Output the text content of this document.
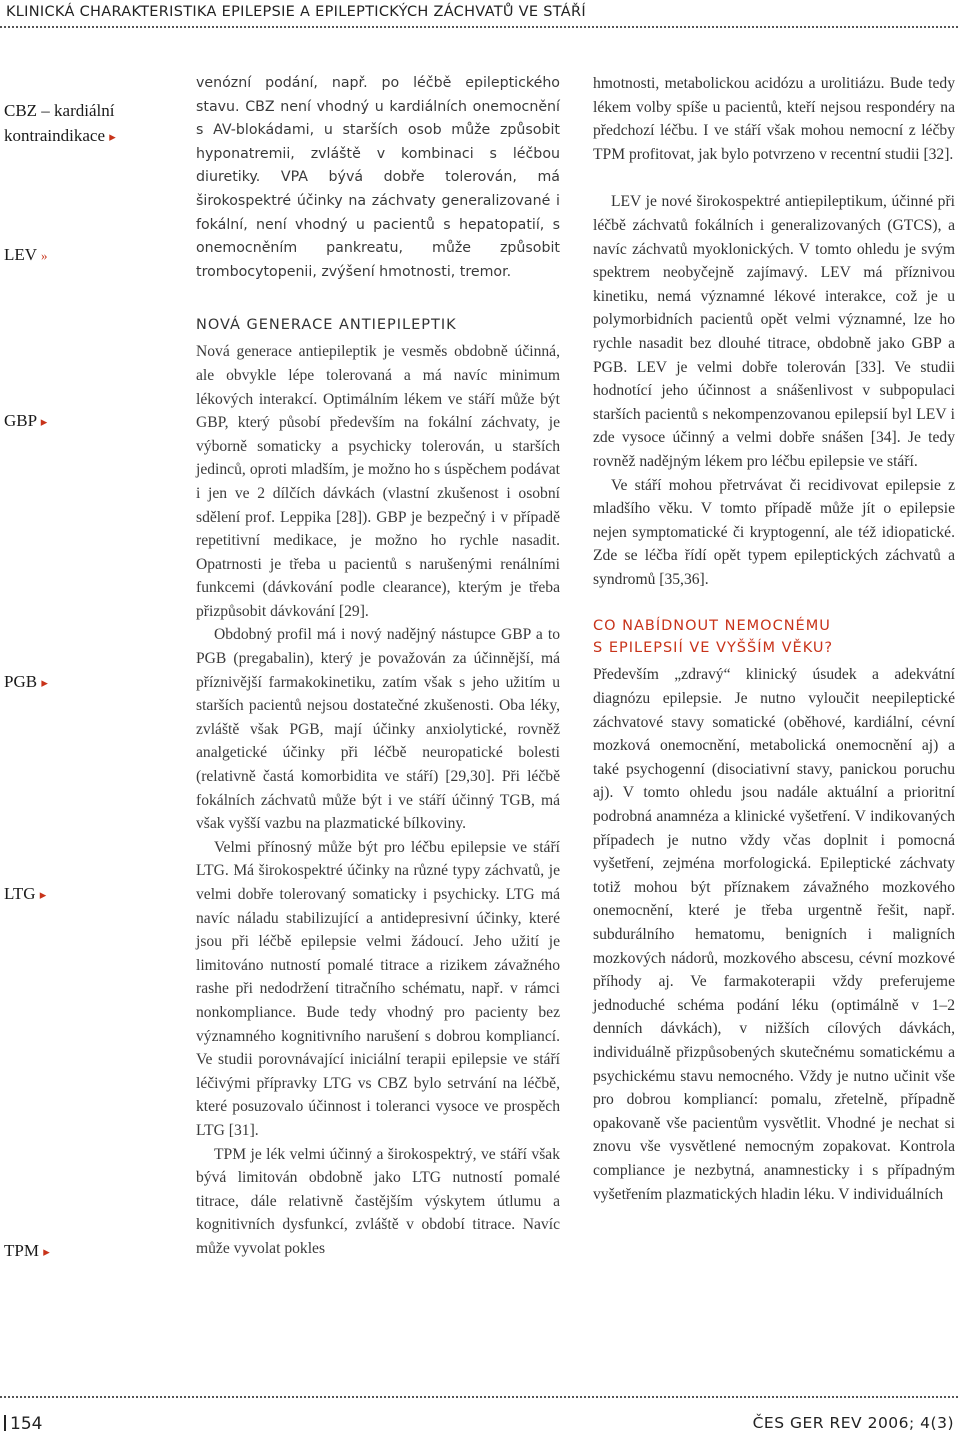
KLINICKÁ CHARAKTERISTIKA EPILEPSIE A EPILEPTICKÝCH ZÁCHVATŮ VE STÁŘÍ
CBZ – kardiální
kontraindikace ▸
LEV »
GBP ▸
PGB ▸
LTG ▸
TPM ▸

venózní podání, např. po léčbě epileptického stavu. CBZ není vhodný u kardiálních onemocnění s AV-blokádami, u starších osob může způsobit hyponatremii, zvláště v kombinaci s léčbou diuretiky. VPA bývá dobře tolerován, má širokospektré účinky na záchvaty generalizované i fokální, není vhodný u pacientů s hepatopatií, s onemocněním pankreatu, může způsobit trombocytopenii, zvýšení hmotnosti, tremor.

NOVÁ GENERACE ANTIEPILEPTIK

Nová generace antiepileptik je vesměs obdobně účinná, ale obvykle lépe tolerovaná a má navíc minimum lékových interakcí. Optimálním lékem ve stáří může být GBP, který působí především na fokální záchvaty, je výborně somaticky a psychicky tolerován, u starších jedinců, oproti mladším, je možno ho s úspěchem podávat i jen ve 2 dílčích dávkách (vlastní zkušenost i osobní sdělení prof. Leppika [28]). GBP je bezpečný i v případě repetitivní medikace, je možno ho rychle nasadit. Opatrnosti je třeba u pacientů s narušenými renálními funkcemi (dávkování podle clearance), kterým je třeba přizpůsobit dávkování [29].

Obdobný profil má i nový nadějný nástupce GBP a to PGB (pregabalin), který je považován za účinnější, má příznivější farmakokinetiku, zatím však s jeho užitím u starších pacientů nejsou dostatečné zkušenosti. Oba léky, zvláště však PGB, mají účinky anxiolytické, rovněž analgetické účinky při léčbě neuropatické bolesti (relativně častá komorbidita ve stáří) [29,30]. Při léčbě fokálních záchvatů může být i ve stáří účinný TGB, má však vyšší vazbu na plazmatické bílkoviny.

Velmi přínosný může být pro léčbu epilepsie ve stáří LTG. Má širokospektré účinky na různé typy záchvatů, je velmi dobře tolerovaný somaticky i psychicky. LTG má navíc náladu stabilizující a antidepresivní účinky, které jsou při léčbě epilepsie velmi žádoucí. Jeho užití je limitováno nutností pomalé titrace a rizikem závažného rashe při nedodržení titračního schématu, např. v rámci nonkompliance. Bude tedy vhodný pro pacienty bez významného kognitivního narušení s dobrou kompliancí. Ve studii porovnávající iniciální terapii epilepsie ve stáří léčivými přípravky LTG vs CBZ bylo setrvání na léčbě, které posuzovalo účinnost i toleranci vysoce ve prospěch LTG [31].

TPM je lék velmi účinný a širokospektrý, ve stáří však bývá limitován obdobně jako LTG nutností pomalé titrace, dále relativně častějším výskytem útlumu a kognitivních dysfunkcí, zvláště v období titrace. Navíc může vyvolat pokles

hmotnosti, metabolickou acidózu a urolitiázu. Bude tedy lékem volby spíše u pacientů, kteří nejsou respondéry na předchozí léčbu. I ve stáří však mohou nemocní z léčby TPM profitovat, jak bylo potvrzeno v recentní studii [32].

LEV je nové širokospektré antiepileptikum, účinné při léčbě záchvatů fokálních i generalizovaných (GTCS), a navíc záchvatů myoklonických. V tomto ohledu je svým spektrem neobyčejně zajímavý. LEV má příznivou kinetiku, nemá významné lékové interakce, což je u polymorbidních pacientů opět velmi významné, lze ho rychle nasadit bez dlouhé titrace, obdobně jako GBP a PGB. LEV je velmi dobře tolerován [33]. Ve studii hodnotící jeho účinnost a snášenlivost v subpopulaci starších pacientů s nekompenzovanou epilepsií byl LEV i zde vysoce účinný a velmi dobře snášen [34]. Je tedy rovněž nadějným lékem pro léčbu epilepsie ve stáří.

Ve stáří mohou přetrvávat či recidivovat epilepsie z mladšího věku. V tomto případě může jít o epilepsie nejen symptomatické či kryptogenní, ale též idiopatické. Zde se léčba řídí opět typem epileptických záchvatů a syndromů [35,36].

CO NABÍDNOUT NEMOCNÉMU
S EPILEPSIÍ VE VYŠŠÍM VĚKU?

Především „zdravý“ klinický úsudek a adekvátní diagnózu epilepsie. Je nutno vyloučit neepileptické záchvatové stavy somatické (oběhové, kardiální, cévní mozková onemocnění, metabolická onemocnění aj) a také psychogenní (disociativní stavy, panickou poruchu aj). V tomto ohledu jsou nadále aktuální a prioritní podrobná anamnéza a klinické vyšetření. V indikovaných případech je nutno vždy včas doplnit i pomocná vyšetření, zejména morfologická. Epileptické záchvaty totiž mohou být příznakem závažného mozkového onemocnění, které je třeba urgentně řešit, např. subdurálního hematomu, benigních i maligních mozkových nádorů, mozkového abscesu, cévní mozkové příhody aj. Ve farmakoterapii vždy preferujeme jednoduché schéma podání léku (optimálně v 1–2 denních dávkách), v nižších cílových dávkách, individuálně přizpůsobených skutečnému somatickému a psychickému stavu nemocného. Vždy je nutno učinit vše pro dobrou kompliancí: pomalu, zřetelně, případně opakovaně vše pacientům vysvětlit. Vhodné je nechat si znovu vše vysvětlené nemocným zopakovat. Kontrola compliance je nezbytná, anamnesticky i s případným vyšetřením plazmatických hladin léku. V individuálních

154	ČES GER REV 2006; 4(3)
